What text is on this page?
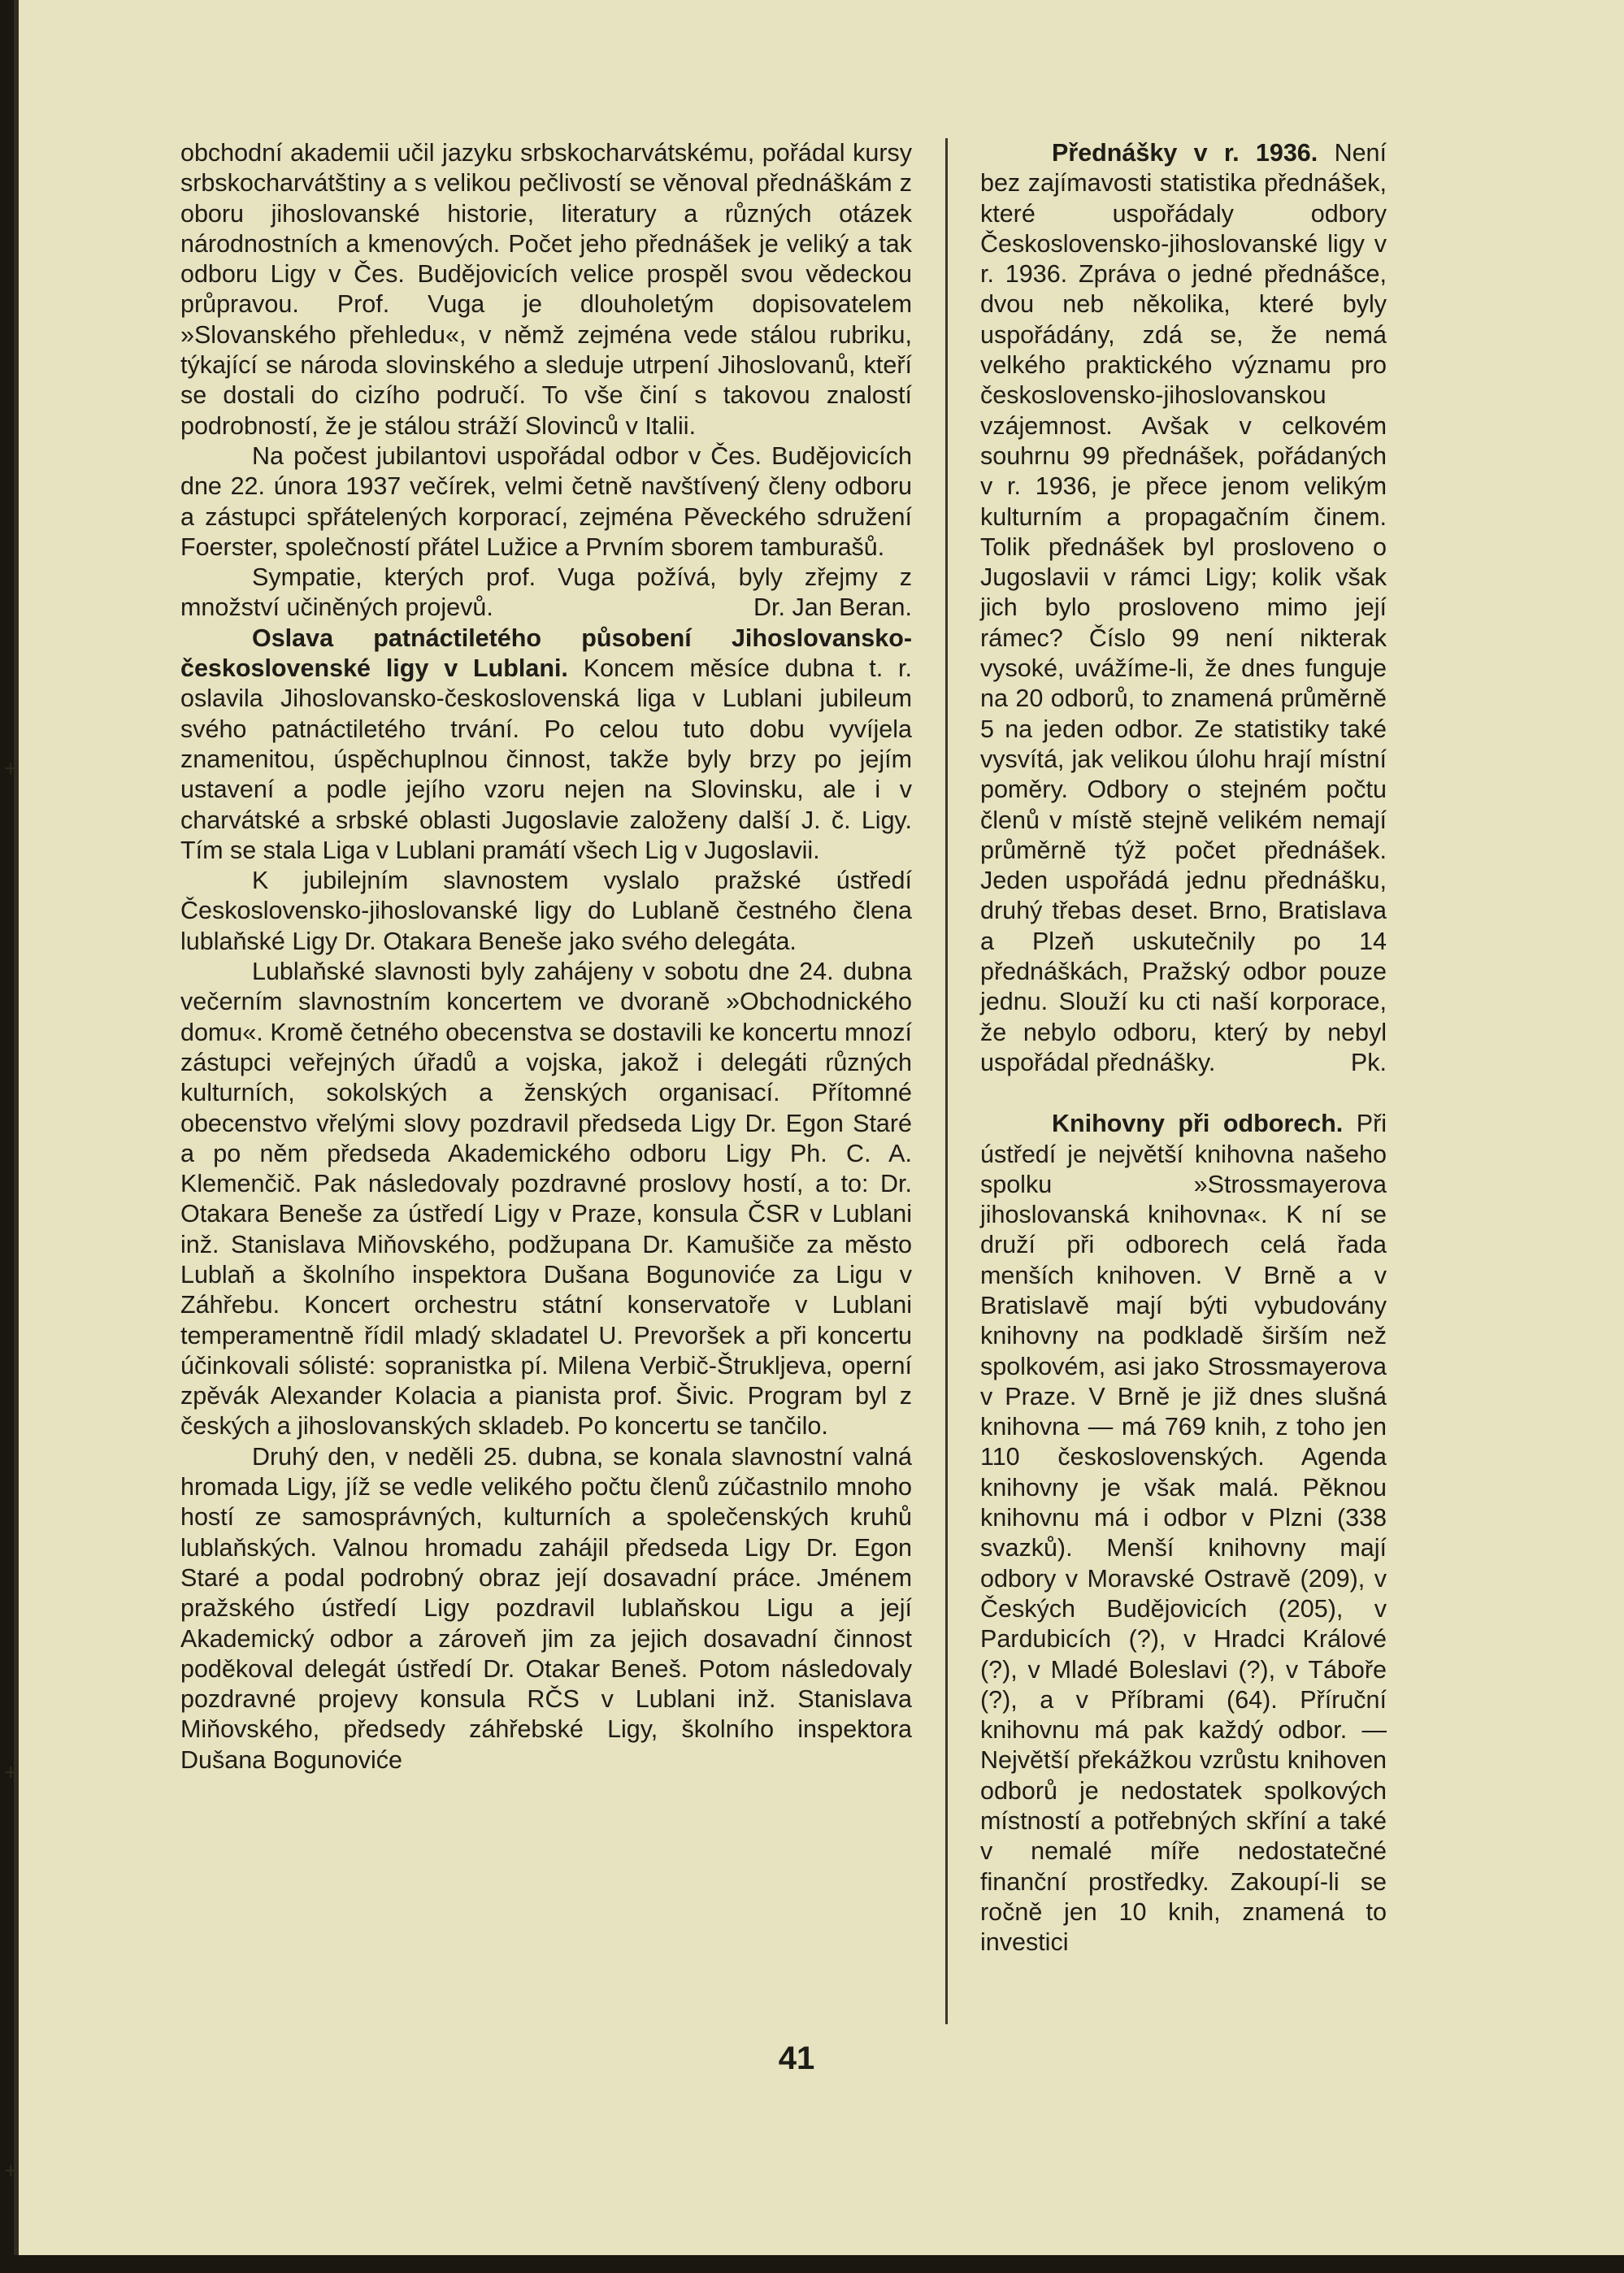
+
+
+

obchodní akademii učil jazyku srbskocharvátskému, pořádal kursy srbskocharvátštiny a s velikou pečlivostí se věnoval přednáškám z oboru jihoslovanské historie, literatury a různých otázek národnostních a kmenových. Počet jeho přednášek je veliký a tak odboru Ligy v Čes. Budějovicích velice prospěl svou vědeckou průpravou. Prof. Vuga je dlouholetým dopisovatelem »Slovanského přehledu«, v němž zejména vede stálou rubriku, týkající se národa slovinského a sleduje utrpení Jihoslovanů, kteří se dostali do cizího područí. To vše činí s takovou znalostí podrobností, že je stálou stráží Slovinců v Italii.

Na počest jubilantovi uspořádal odbor v Čes. Budějovicích dne 22. února 1937 večírek, velmi četně navštívený členy odboru a zástupci spřátelených korporací, zejména Pěveckého sdružení Foerster, společností přátel Lužice a Prvním sborem tamburašů.

Sympatie, kterých prof. Vuga požívá, byly zřejmy z množství učiněných projevů.	Dr. Jan Beran.

Oslava patnáctiletého působení Jihoslovansko-československé ligy v Lublani. Koncem měsíce dubna t. r. oslavila Jihoslovansko-československá liga v Lublani jubileum svého patnáctiletého trvání. Po celou tuto dobu vyvíjela znamenitou, úspěchuplnou činnost, takže byly brzy po jejím ustavení a podle jejího vzoru nejen na Slovinsku, ale i v charvátské a srbské oblasti Jugoslavie založeny další J. č. Ligy. Tím se stala Liga v Lublani pramátí všech Lig v Jugoslavii.

K jubilejním slavnostem vyslalo pražské ústředí Československo-jihoslovanské ligy do Lublaně čestného člena lublaňské Ligy Dr. Otakara Beneše jako svého delegáta.

Lublaňské slavnosti byly zahájeny v sobotu dne 24. dubna večerním slavnostním koncertem ve dvoraně »Obchodnického domu«. Kromě četného obecenstva se dostavili ke koncertu mnozí zástupci veřejných úřadů a vojska, jakož i delegáti různých kulturních, sokolských a ženských organisací. Přítomné obecenstvo vřelými slovy pozdravil předseda Ligy Dr. Egon Staré a po něm předseda Akademického odboru Ligy Ph. C. A. Klemenčič. Pak následovaly pozdravné proslovy hostí, a to: Dr. Otakara Beneše za ústředí Ligy v Praze, konsula ČSR v Lublani inž. Stanislava Miňovského, podžupana Dr. Kamušiče za město Lublaň a školního inspektora Dušana Bogunoviće za Ligu v Záhřebu. Koncert orchestru státní konservatoře v Lublani temperamentně řídil mladý skladatel U. Prevoršek a při koncertu účinkovali sólisté: sopranistka pí. Milena Verbič-Štrukljeva, operní zpěvák Alexander Kolacia a pianista prof. Šivic. Program byl z českých a jihoslovanských skladeb. Po koncertu se tančilo.

Druhý den, v neděli 25. dubna, se konala slavnostní valná hromada Ligy, jíž se vedle velikého počtu členů zúčastnilo mnoho hostí ze samosprávných, kulturních a společenských kruhů lublaňských. Valnou hromadu zahájil předseda Ligy Dr. Egon Staré a podal podrobný obraz její dosavadní práce. Jménem pražského ústředí Ligy pozdravil lublaňskou Ligu a její Akademický odbor a zároveň jim za jejich dosavadní činnost poděkoval delegát ústředí Dr. Otakar Beneš. Potom následovaly pozdravné projevy konsula RČS v Lublani inž. Stanislava Miňovského, předsedy záhřebské Ligy, školního inspektora Dušana Bogunoviće

Přednášky v r. 1936. Není bez zajímavosti statistika přednášek, které uspořádaly odbory Československo-jihoslovanské ligy v r. 1936. Zpráva o jedné přednášce, dvou neb několika, které byly uspořádány, zdá se, že nemá velkého praktického významu pro československo-jihoslovanskou vzájemnost. Avšak v celkovém souhrnu 99 přednášek, pořádaných v r. 1936, je přece jenom velikým kulturním a propagačním činem. Tolik přednášek byl prosloveno o Jugoslavii v rámci Ligy; kolik však jich bylo prosloveno mimo její rámec? Číslo 99 není nikterak vysoké, uvážíme-li, že dnes funguje na 20 odborů, to znamená průměrně 5 na jeden odbor. Ze statistiky také vysvítá, jak velikou úlohu hrají místní poměry. Odbory o stejném počtu členů v místě stejně velikém nemají průměrně týž počet přednášek. Jeden uspořádá jednu přednášku, druhý třebas deset. Brno, Bratislava a Plzeň uskutečnily po 14 přednáškách, Pražský odbor pouze jednu. Slouží ku cti naší korporace, že nebylo odboru, který by nebyl uspořádal přednášky.	Pk.

Knihovny při odborech. Při ústředí je největší knihovna našeho spolku »Strossmayerova jihoslovanská knihovna«. K ní se druží při odborech celá řada menších knihoven. V Brně a v Bratislavě mají býti vybudovány knihovny na podkladě širším než spolkovém, asi jako Strossmayerova v Praze. V Brně je již dnes slušná knihovna — má 769 knih, z toho jen 110 československých. Agenda knihovny je však malá. Pěknou knihovnu má i odbor v Plzni (338 svazků). Menší knihovny mají odbory v Moravské Ostravě (209), v Českých Budějovicích (205), v Pardubicích (?), v Hradci Králové (?), v Mladé Boleslavi (?), v Táboře (?), a v Příbrami (64). Příruční knihovnu má pak každý odbor. — Největší překážkou vzrůstu knihoven odborů je nedostatek spolkových místností a potřebných skříní a také v nemalé míře nedostatečné finanční prostředky. Zakoupí-li se ročně jen 10 knih, znamená to investici

41
